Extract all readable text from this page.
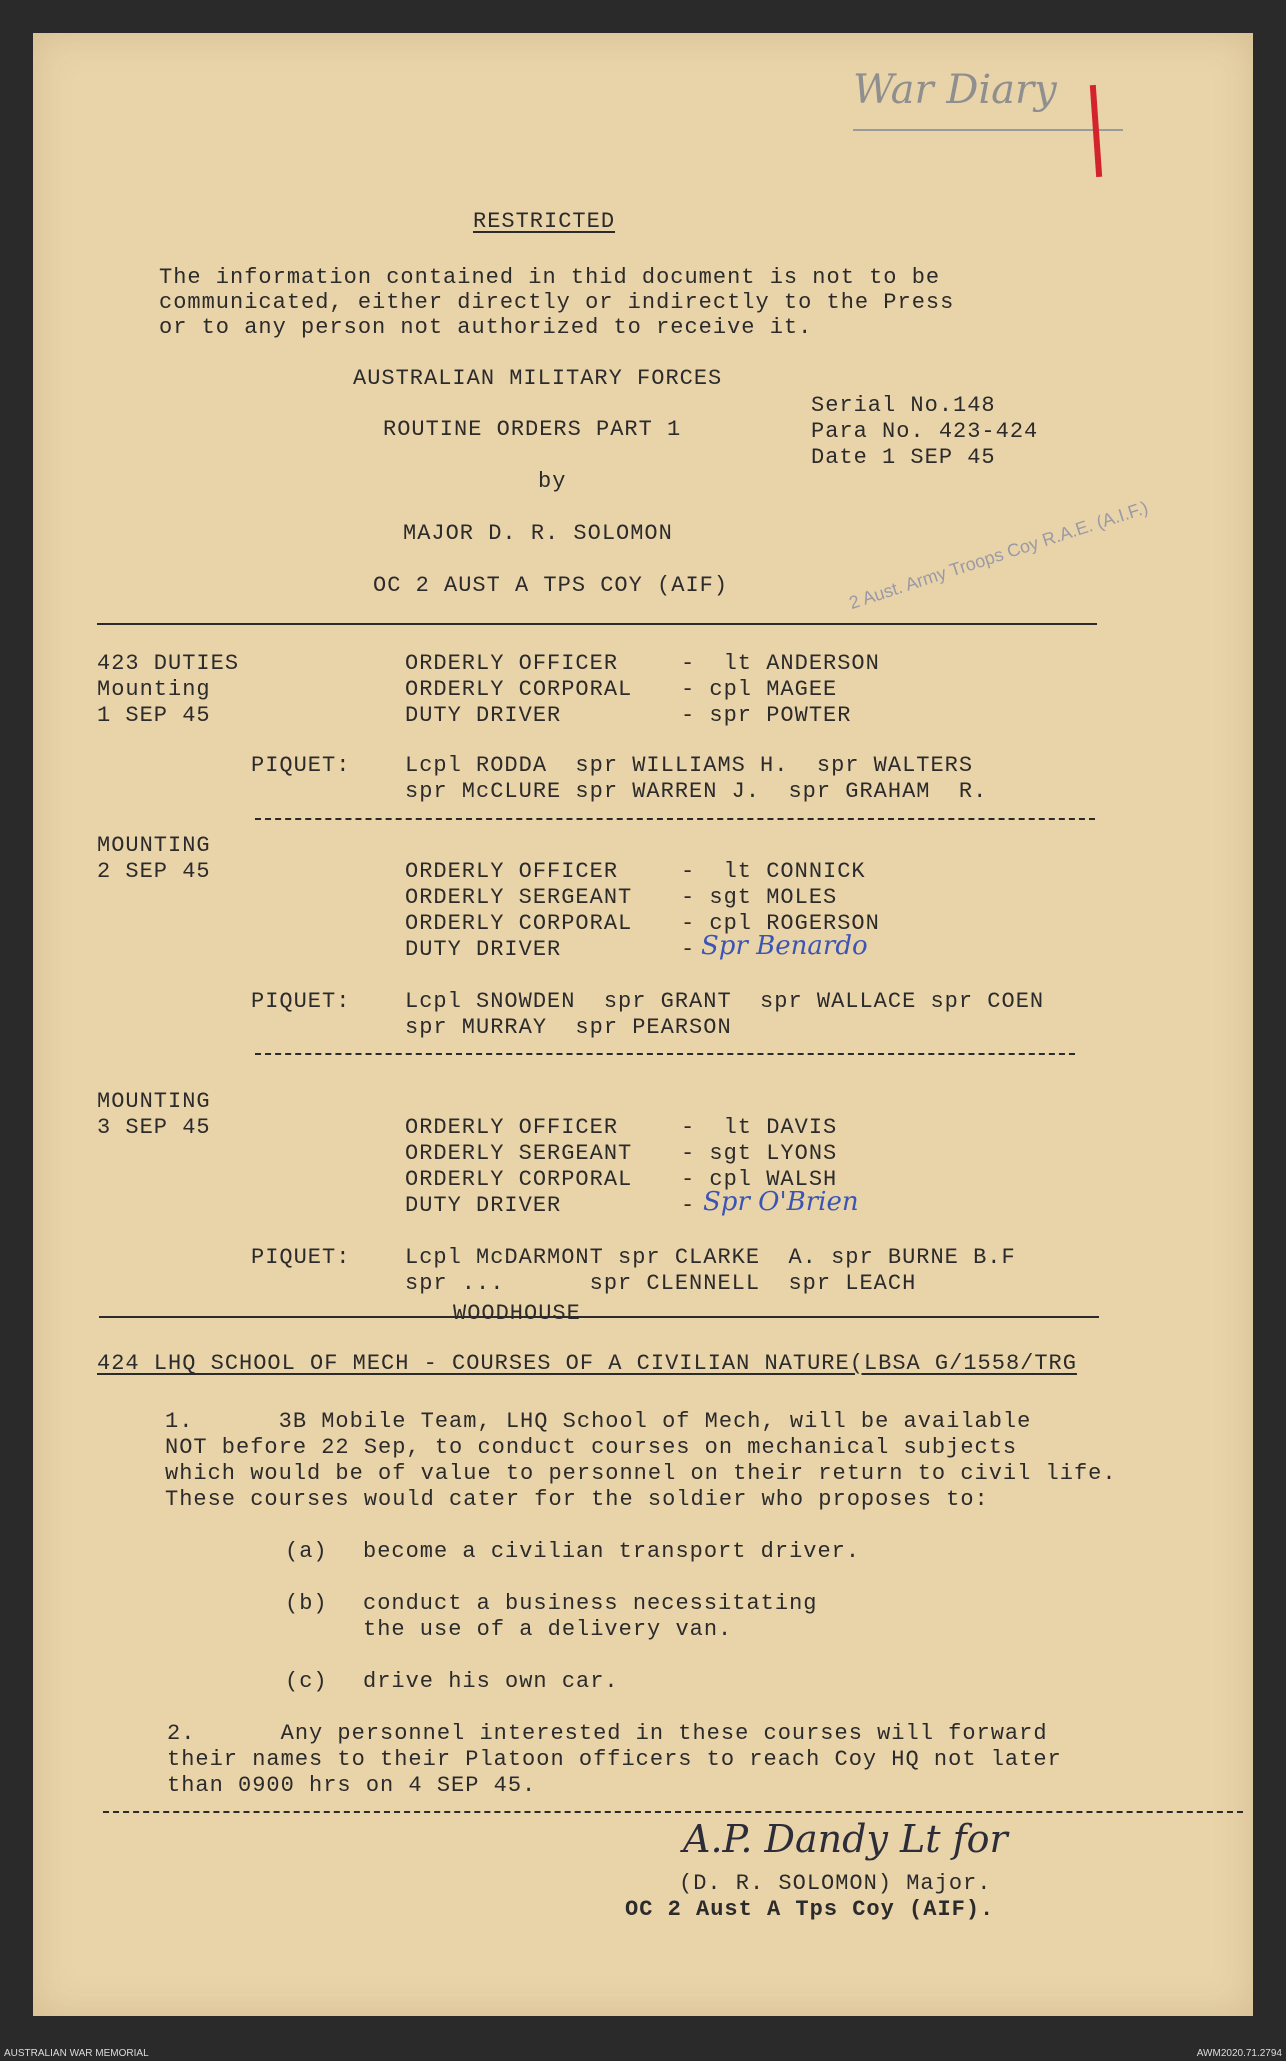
War Diary
2 Aust. Army Troops Coy R.A.E. (A.I.F.)
RESTRICTED
The information contained in thid document is not to be
communicated, either directly or indirectly to the Press
or to any person not authorized to receive it.
AUSTRALIAN MILITARY FORCES
ROUTINE ORDERS PART 1
by
MAJOR D. R. SOLOMON
OC 2 AUST A TPS COY (AIF)
Serial No.148
Para No. 423-424
Date 1 SEP 45
423 DUTIES
Mounting
1 SEP 45
ORDERLY OFFICER	-  lt ANDERSON
ORDERLY CORPORAL - cpl MAGEE
DUTY DRIVER	- spr POWTER
PIQUET: Lcpl RODDA  spr WILLIAMS H.  spr WALTERS
spr McCLURE spr WARREN J.  spr GRAHAM  R.
MOUNTING
2 SEP 45	ORDERLY OFFICER	-  lt CONNICK
ORDERLY SERGEANT - sgt MOLES
ORDERLY CORPORAL - cpl ROGERSON
DUTY DRIVER	- Spr Benardo
PIQUET: Lcpl SNOWDEN  spr GRANT  spr WALLACE spr COEN
spr MURRAY  spr PEARSON
MOUNTING
3 SEP 45	ORDERLY OFFICER	-  lt DAVIS
ORDERLY SERGEANT - sgt LYONS
ORDERLY CORPORAL - cpl WALSH
DUTY DRIVER	- Spr O'Brien
PIQUET: Lcpl McDARMONT spr CLARKE  A. spr BURNE B.F
spr ...      spr CLENNELL  spr LEACH
WOODHOUSE
424 LHQ SCHOOL OF MECH - COURSES OF A CIVILIAN NATURE(LBSA G/1558/TRG
1.      3B Mobile Team, LHQ School of Mech, will be available
NOT before 22 Sep, to conduct courses on mechanical subjects
which would be of value to personnel on their return to civil life.
These courses would cater for the soldier who proposes to:
(a) become a civilian transport driver.
(b) conduct a business necessitating
the use of a delivery van.
(c) drive his own car.
2.      Any personnel interested in these courses will forward
their names to their Platoon officers to reach Coy HQ not later
than 0900 hrs on 4 SEP 45.
A.P. Dandy Lt for
(D. R. SOLOMON) Major.
OC 2 Aust A Tps Coy (AIF).
AUSTRALIAN WAR MEMORIAL	AWM2020.71.2794
